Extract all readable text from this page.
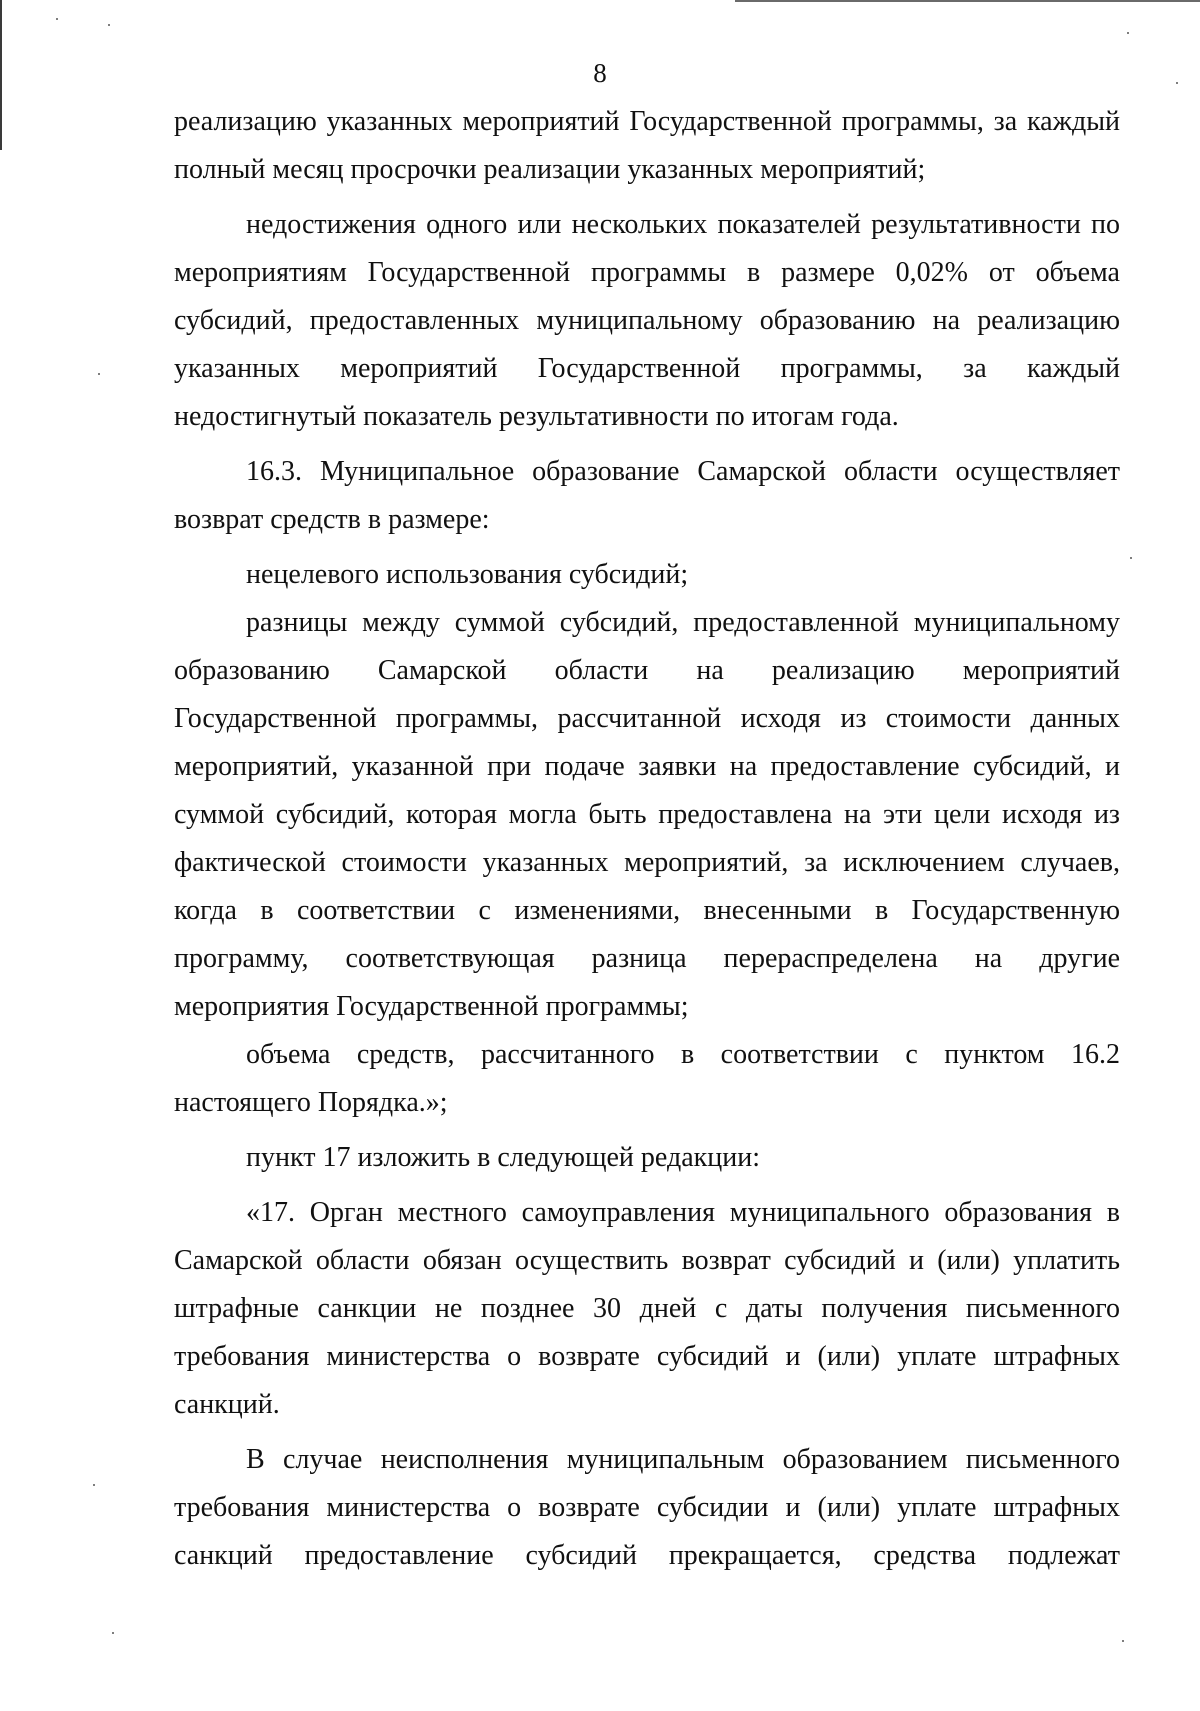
8

реализацию указанных мероприятий Государственной программы, за каждый полный месяц просрочки реализации указанных мероприятий;

недостижения одного или нескольких показателей результативности по мероприятиям Государственной программы в размере 0,02% от объема субсидий, предоставленных муниципальному образованию на реализацию указанных мероприятий Государственной программы, за каждый недостигнутый показатель результативности по итогам года.

16.3. Муниципальное образование Самарской области осуществляет возврат средств в размере:

нецелевого использования субсидий;

разницы между суммой субсидий, предоставленной муниципальному образованию Самарской области на реализацию мероприятий Государственной программы, рассчитанной исходя из стоимости данных мероприятий, указанной при подаче заявки на предоставление субсидий, и суммой субсидий, которая могла быть предоставлена на эти цели исходя из фактической стоимости указанных мероприятий, за исключением случаев, когда в соответствии с изменениями, внесенными в Государственную программу, соответствующая разница перераспределена на другие мероприятия Государственной программы;

объема средств, рассчитанного в соответствии с пунктом 16.2 настоящего Порядка.»;

пункт 17 изложить в следующей редакции:

«17. Орган местного самоуправления муниципального образования в Самарской области обязан осуществить возврат субсидий и (или) уплатить штрафные санкции не позднее 30 дней с даты получения письменного требования министерства о возврате субсидий и (или) уплате штрафных санкций.

В случае неисполнения муниципальным образованием письменного требования министерства о возврате субсидии и (или) уплате штрафных санкций предоставление субсидий прекращается, средства подлежат
